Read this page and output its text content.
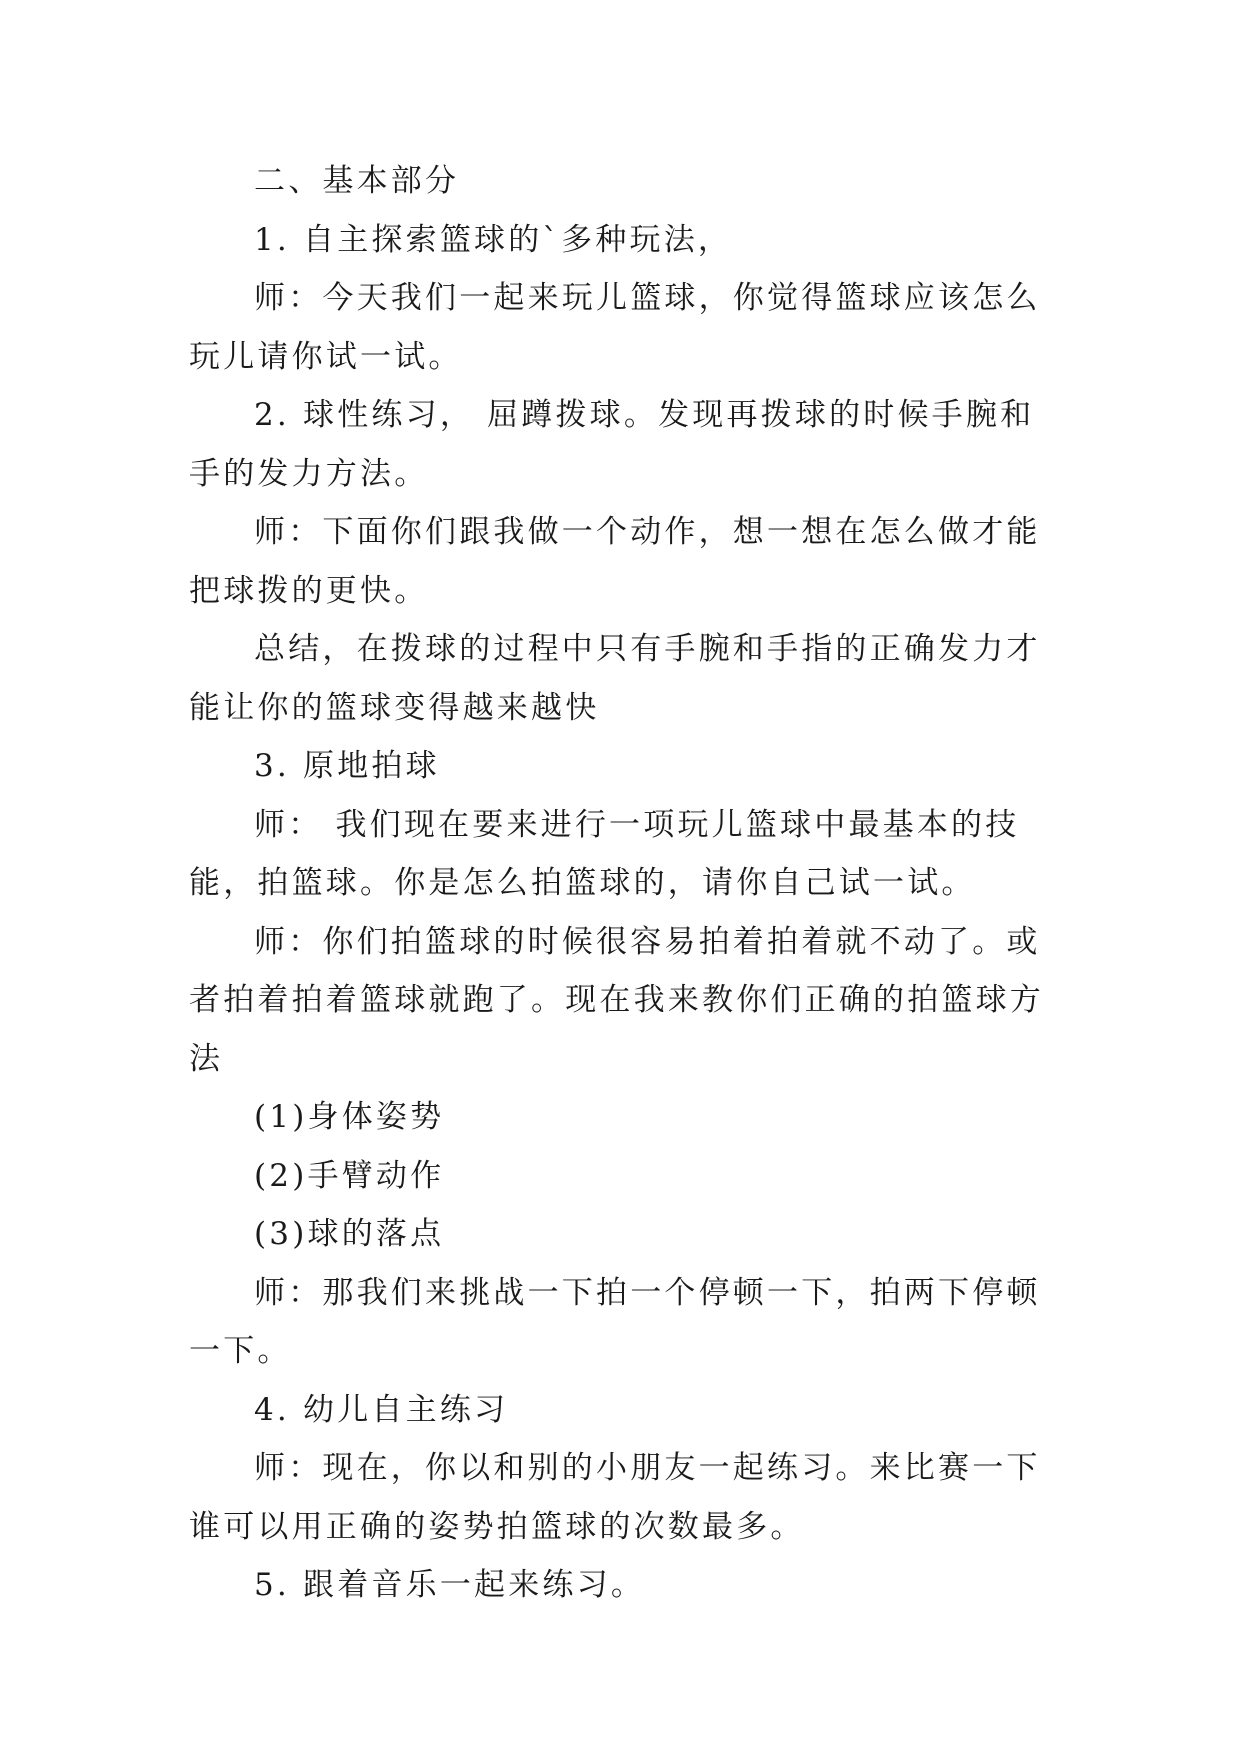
二、基本部分

1. 自主探索篮球的`多种玩法，

师：今天我们一起来玩儿篮球，你觉得篮球应该怎么玩儿请你试一试。

2. 球性练习， 屈蹲拨球。发现再拨球的时候手腕和手的发力方法。

师：下面你们跟我做一个动作，想一想在怎么做才能把球拨的更快。

总结，在拨球的过程中只有手腕和手指的正确发力才能让你的篮球变得越来越快

3. 原地拍球

师： 我们现在要来进行一项玩儿篮球中最基本的技能，拍篮球。你是怎么拍篮球的，请你自己试一试。

师：你们拍篮球的时候很容易拍着拍着就不动了。或者拍着拍着篮球就跑了。现在我来教你们正确的拍篮球方法

(1)身体姿势

(2)手臂动作

(3)球的落点

师：那我们来挑战一下拍一个停顿一下，拍两下停顿一下。

4. 幼儿自主练习

师：现在，你以和别的小朋友一起练习。来比赛一下谁可以用正确的姿势拍篮球的次数最多。

5. 跟着音乐一起来练习。
